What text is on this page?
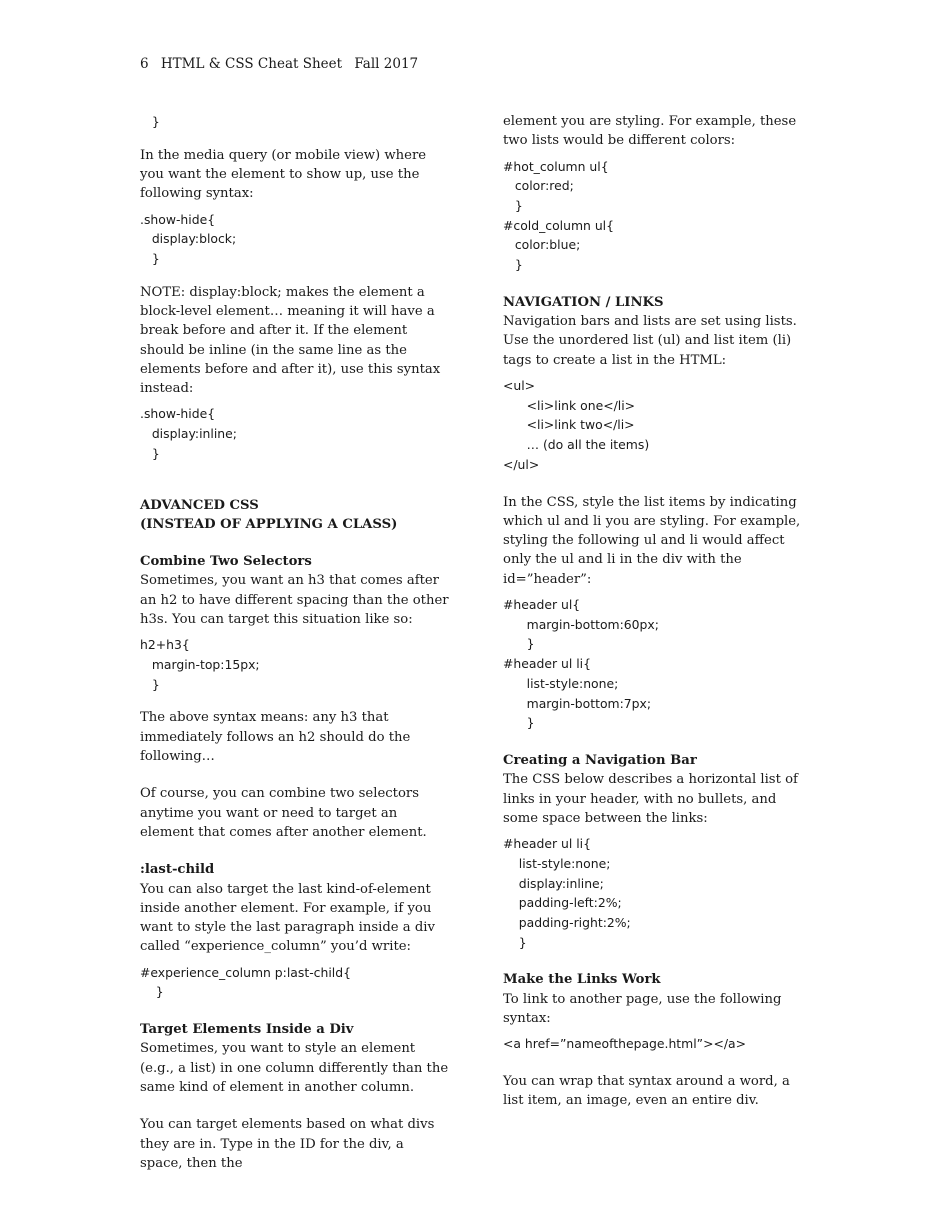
6 HTML & CSS Cheat Sheet Fall 2017
}

In the media query (or mobile view) where you want the element to show up, use the following syntax:

.show-hide{
display:block;
}

NOTE: display:block; makes the element a block-level element… meaning it will have a break before and after it. If the element should be inline (in the same line as the elements before and after it), use this syntax instead:

.show-hide{
display:inline;
}
ADVANCED CSS
(INSTEAD OF APPLYING A CLASS)
Combine Two Selectors

Sometimes, you want an h3 that comes after an h2 to have different spacing than the other h3s. You can target this situation like so:

h2+h3{
margin-top:15px;
}

The above syntax means: any h3 that immediately follows an h2 should do the following…

Of course, you can combine two selectors anytime you want or need to target an element that comes after another element.

:last-child

You can also target the last kind-of-element inside another element. For example, if you want to style the last paragraph inside a div called “experience_column” you’d write:

#experience_column p:last-child{
}
Target Elements Inside a Div

Sometimes, you want to style an element (e.g., a list) in one column differently than the same kind of element in another column.

You can target elements based on what divs they are in. Type in the ID for the div, a space, then the

element you are styling. For example, these two lists would be different colors:

#hot_column ul{
color:red;
}
#cold_column ul{
color:blue;
}
NAVIGATION / LINKS

Navigation bars and lists are set using lists.

Use the unordered list (ul) and list item (li) tags to create a list in the HTML:

<ul>
<li>link one</li>
<li>link two</li>
… (do all the items)
</ul>

In the CSS, style the list items by indicating which ul and li you are styling. For example, styling the following ul and li would affect only the ul and li in the div with the id=”header”:

#header ul{
margin-bottom:60px;
}
#header ul li{
list-style:none;
margin-bottom:7px;
}
Creating a Navigation Bar

The CSS below describes a horizontal list of links in your header, with no bullets, and some space between the links:

#header ul li{
list-style:none;
display:inline;
padding-left:2%;
padding-right:2%;
}
Make the Links Work

To link to another page, use the following syntax:

<a href=”nameofthepage.html”></a>

You can wrap that syntax around a word, a list item, an image, even an entire div.
